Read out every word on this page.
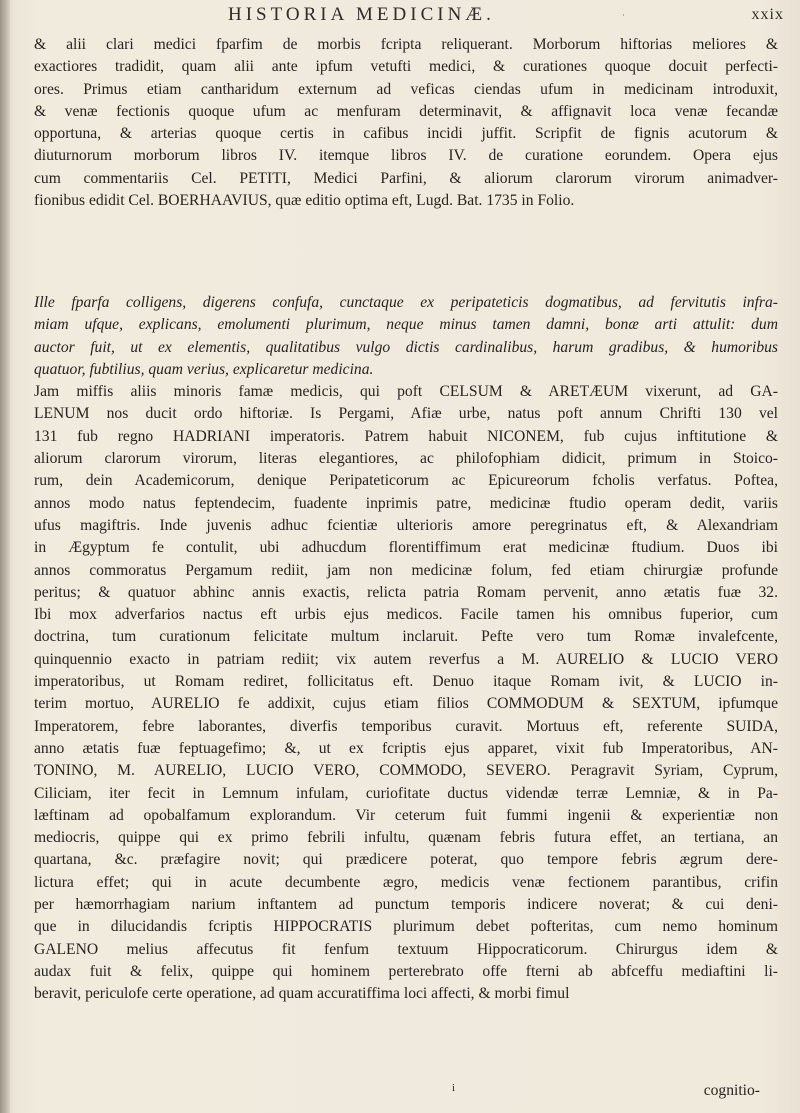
HISTORIA MEDICINÆ.	·	xxix
& alii clari medici fparfim de morbis fcripta reliquerant. Morborum hiftorias meliores &
exactiores tradidit, quam alii ante ipfum vetufti medici, & curationes quoque docuit perfecti-
ores. Primus etiam cantharidum externum ad veficas ciendas ufum in medicinam introduxit,
& venæ fectionis quoque ufum ac menfuram determinavit, & affignavit loca venæ fecandæ
opportuna, & arterias quoque certis in cafibus incidi juffit. Scripfit de fignis acutorum &
diuturnorum morborum libros IV. itemque libros IV. de curatione eorundem. Opera ejus
cum commentariis Cel. PETITI, Medici Parfini, & aliorum clarorum virorum animadver-
fionibus edidit Cel. BOERHAAVIUS, quæ editio optima eft, Lugd. Bat. 1735 in Folio.
Ille fparfa colligens, digerens confufa, cunctaque ex peripateticis dogmatibus, ad fervitutis infra-
miam ufque, explicans, emolumenti plurimum, neque minus tamen damni, bonæ arti attulit: dum
auctor fuit, ut ex elementis, qualitatibus vulgo dictis cardinalibus, harum gradibus, & humoribus
quatuor, fubtilius, quam verius, explicaretur medicina.
Jam miffis aliis minoris famæ medicis, qui poft CELSUM & ARETÆUM vixerunt, ad GA-
LENUM nos ducit ordo hiftoriæ. Is Pergami, Afiæ urbe, natus poft annum Chrifti 130 vel
131 fub regno HADRIANI imperatoris. Patrem habuit NICONEM, fub cujus inftitutione &
aliorum clarorum virorum, literas elegantiores, ac philofophiam didicit, primum in Stoico-
rum, dein Academicorum, denique Peripateticorum ac Epicureorum fcholis verfatus. Poftea,
annos modo natus feptendecim, fuadente inprimis patre, medicinæ ftudio operam dedit, variis
ufus magiftris. Inde juvenis adhuc fcientiæ ulterioris amore peregrinatus eft, & Alexandriam
in Ægyptum fe contulit, ubi adhucdum florentiffimum erat medicinæ ftudium. Duos ibi
annos commoratus Pergamum rediit, jam non medicinæ folum, fed etiam chirurgiæ profunde
peritus; & quatuor abhinc annis exactis, relicta patria Romam pervenit, anno ætatis fuæ 32.
Ibi mox adverfarios nactus eft urbis ejus medicos. Facile tamen his omnibus fuperior, cum
doctrina, tum curationum felicitate multum inclaruit. Pefte vero tum Romæ invalefcente,
quinquennio exacto in patriam rediit; vix autem reverfus a M. AURELIO & LUCIO VERO
imperatoribus, ut Romam rediret, follicitatus eft. Denuo itaque Romam ivit, & LUCIO in-
terim mortuo, AURELIO fe addixit, cujus etiam filios COMMODUM & SEXTUM, ipfumque
Imperatorem, febre laborantes, diverfis temporibus curavit. Mortuus eft, referente SUIDA,
anno ætatis fuæ feptuagefimo; &, ut ex fcriptis ejus apparet, vixit fub Imperatoribus, AN-
TONINO, M. AURELIO, LUCIO VERO, COMMODO, SEVERO. Peragravit Syriam, Cyprum,
Ciliciam, iter fecit in Lemnum infulam, curiofitate ductus videndæ terræ Lemniæ, & in Pa-
læftinam ad opobalfamum explorandum. Vir ceterum fuit fummi ingenii & experientiæ non
mediocris, quippe qui ex primo febrili infultu, quænam febris futura effet, an tertiana, an
quartana, &c. præfagire novit; qui prædicere poterat, quo tempore febris ægrum dere-
lictura effet; qui in acute decumbente ægro, medicis venæ fectionem parantibus, crifin
per hæmorrhagiam narium inftantem ad punctum temporis indicere noverat; & cui deni-
que in dilucidandis fcriptis HIPPOCRATIS plurimum debet pofteritas, cum nemo hominum
GALENO melius affecutus fit fenfum textuum Hippocraticorum. Chirurgus idem &
audax fuit & felix, quippe qui hominem perterebrato offe fterni ab abfceffu mediaftini li-
beravit, periculofe certe operatione, ad quam accuratiffima loci affecti, & morbi fimul
i	cognitio-
